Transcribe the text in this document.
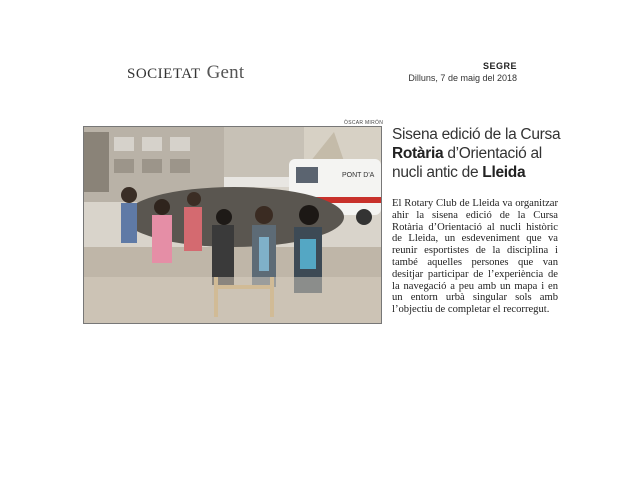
SOCIETAT Gent	SEGRE
Dilluns, 7 de maig del 2018
ÒSCAR MIRÓN
PONT D'A
Sisena edició de la Cursa Rotària d’Orientació al nucli antic de Lleida
El Rotary Club de Lleida va organitzar ahir la sisena edició de la Cursa Rotària d’Orientació al nucli històric de Lleida, un esdeveniment que va reunir esportistes de la disciplina i també aquelles persones que van desitjar participar de l’experiència de la navegació a peu amb un mapa i en un entorn urbà singular sols amb l’objectiu de completar el recorregut.
